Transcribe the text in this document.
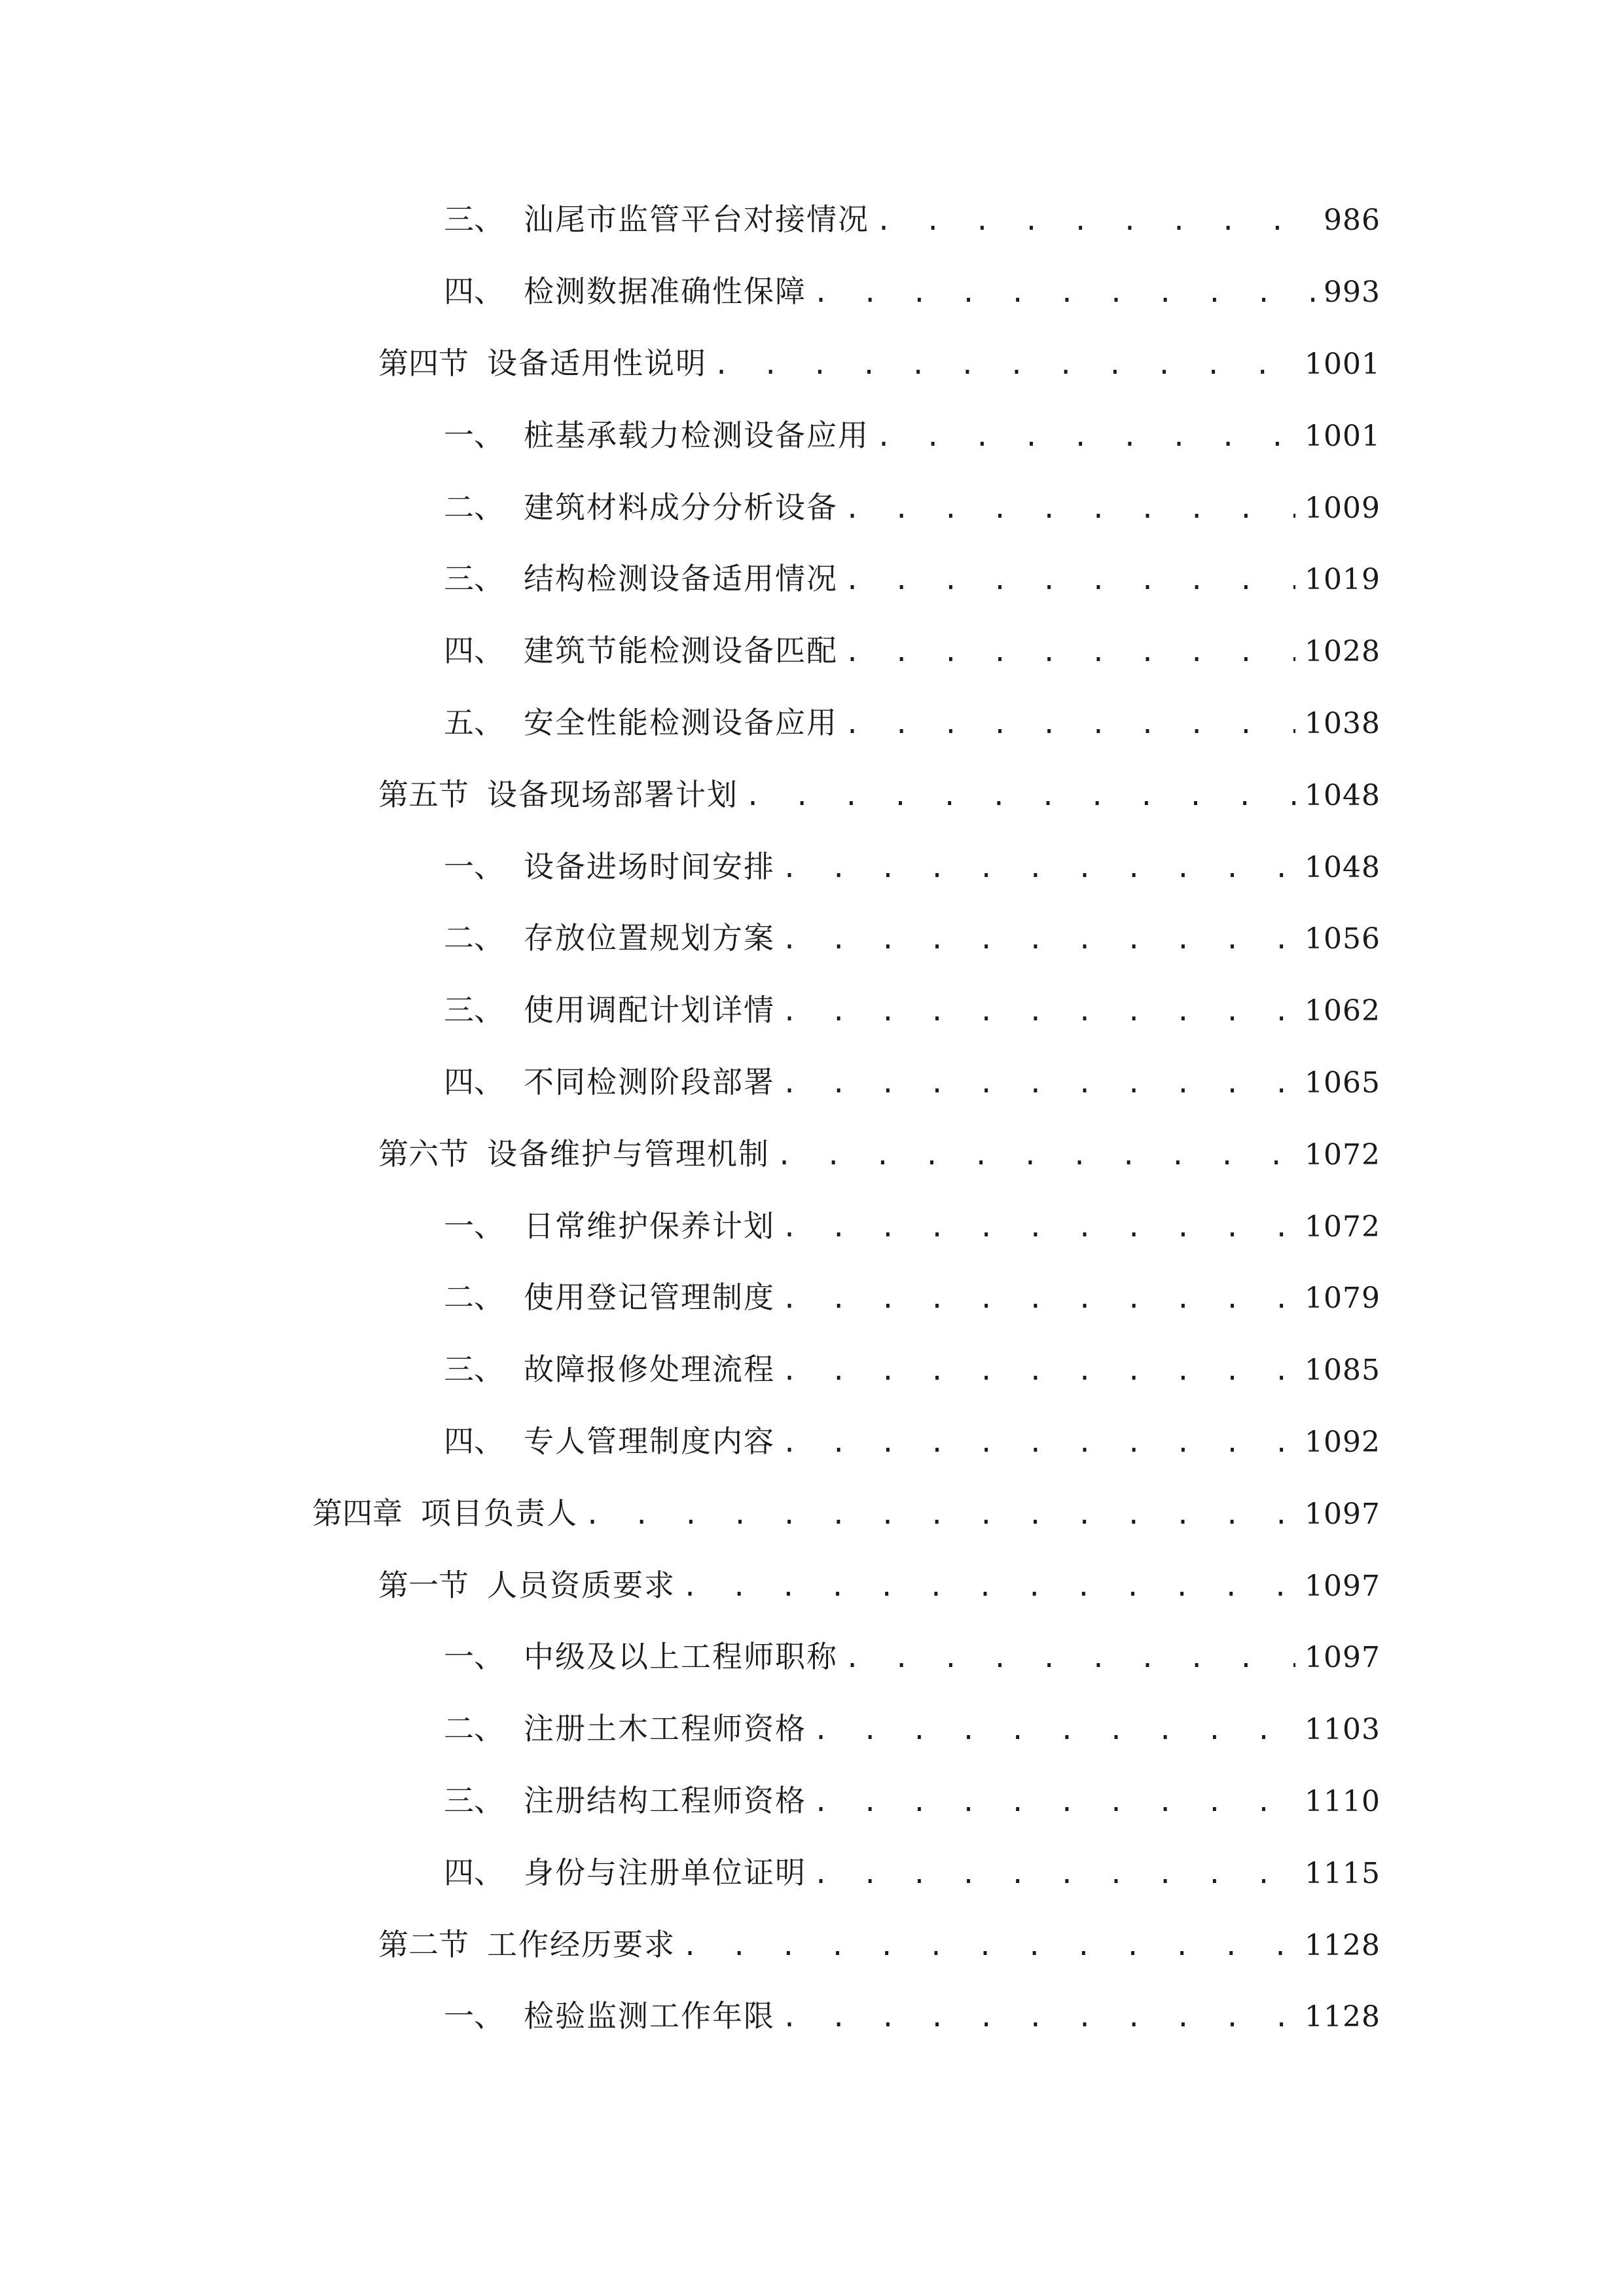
三、 汕尾市监管平台对接情况 . . .	986
四、 检测数据准确性保障 . . .	993
第四节 设备适用性说明 . . .	1001
一、 桩基承载力检测设备应用 . . .	1001
二、 建筑材料成分分析设备 . . .	1009
三、 结构检测设备适用情况 . . .	1019
四、 建筑节能检测设备匹配 . . .	1028
五、 安全性能检测设备应用 . . .	1038
第五节 设备现场部署计划 . . .	1048
一、 设备进场时间安排 . . .	1048
二、 存放位置规划方案 . . .	1056
三、 使用调配计划详情 . . .	1062
四、 不同检测阶段部署 . . .	1065
第六节 设备维护与管理机制 . . .	1072
一、 日常维护保养计划 . . .	1072
二、 使用登记管理制度 . . .	1079
三、 故障报修处理流程 . . .	1085
四、 专人管理制度内容 . . .	1092
第四章 项目负责人 . . .	1097
第一节 人员资质要求 . . .	1097
一、 中级及以上工程师职称 . . .	1097
二、 注册土木工程师资格 . . .	1103
三、 注册结构工程师资格 . . .	1110
四、 身份与注册单位证明 . . .	1115
第二节 工作经历要求 . . .	1128
一、 检验监测工作年限 . . .	1128
